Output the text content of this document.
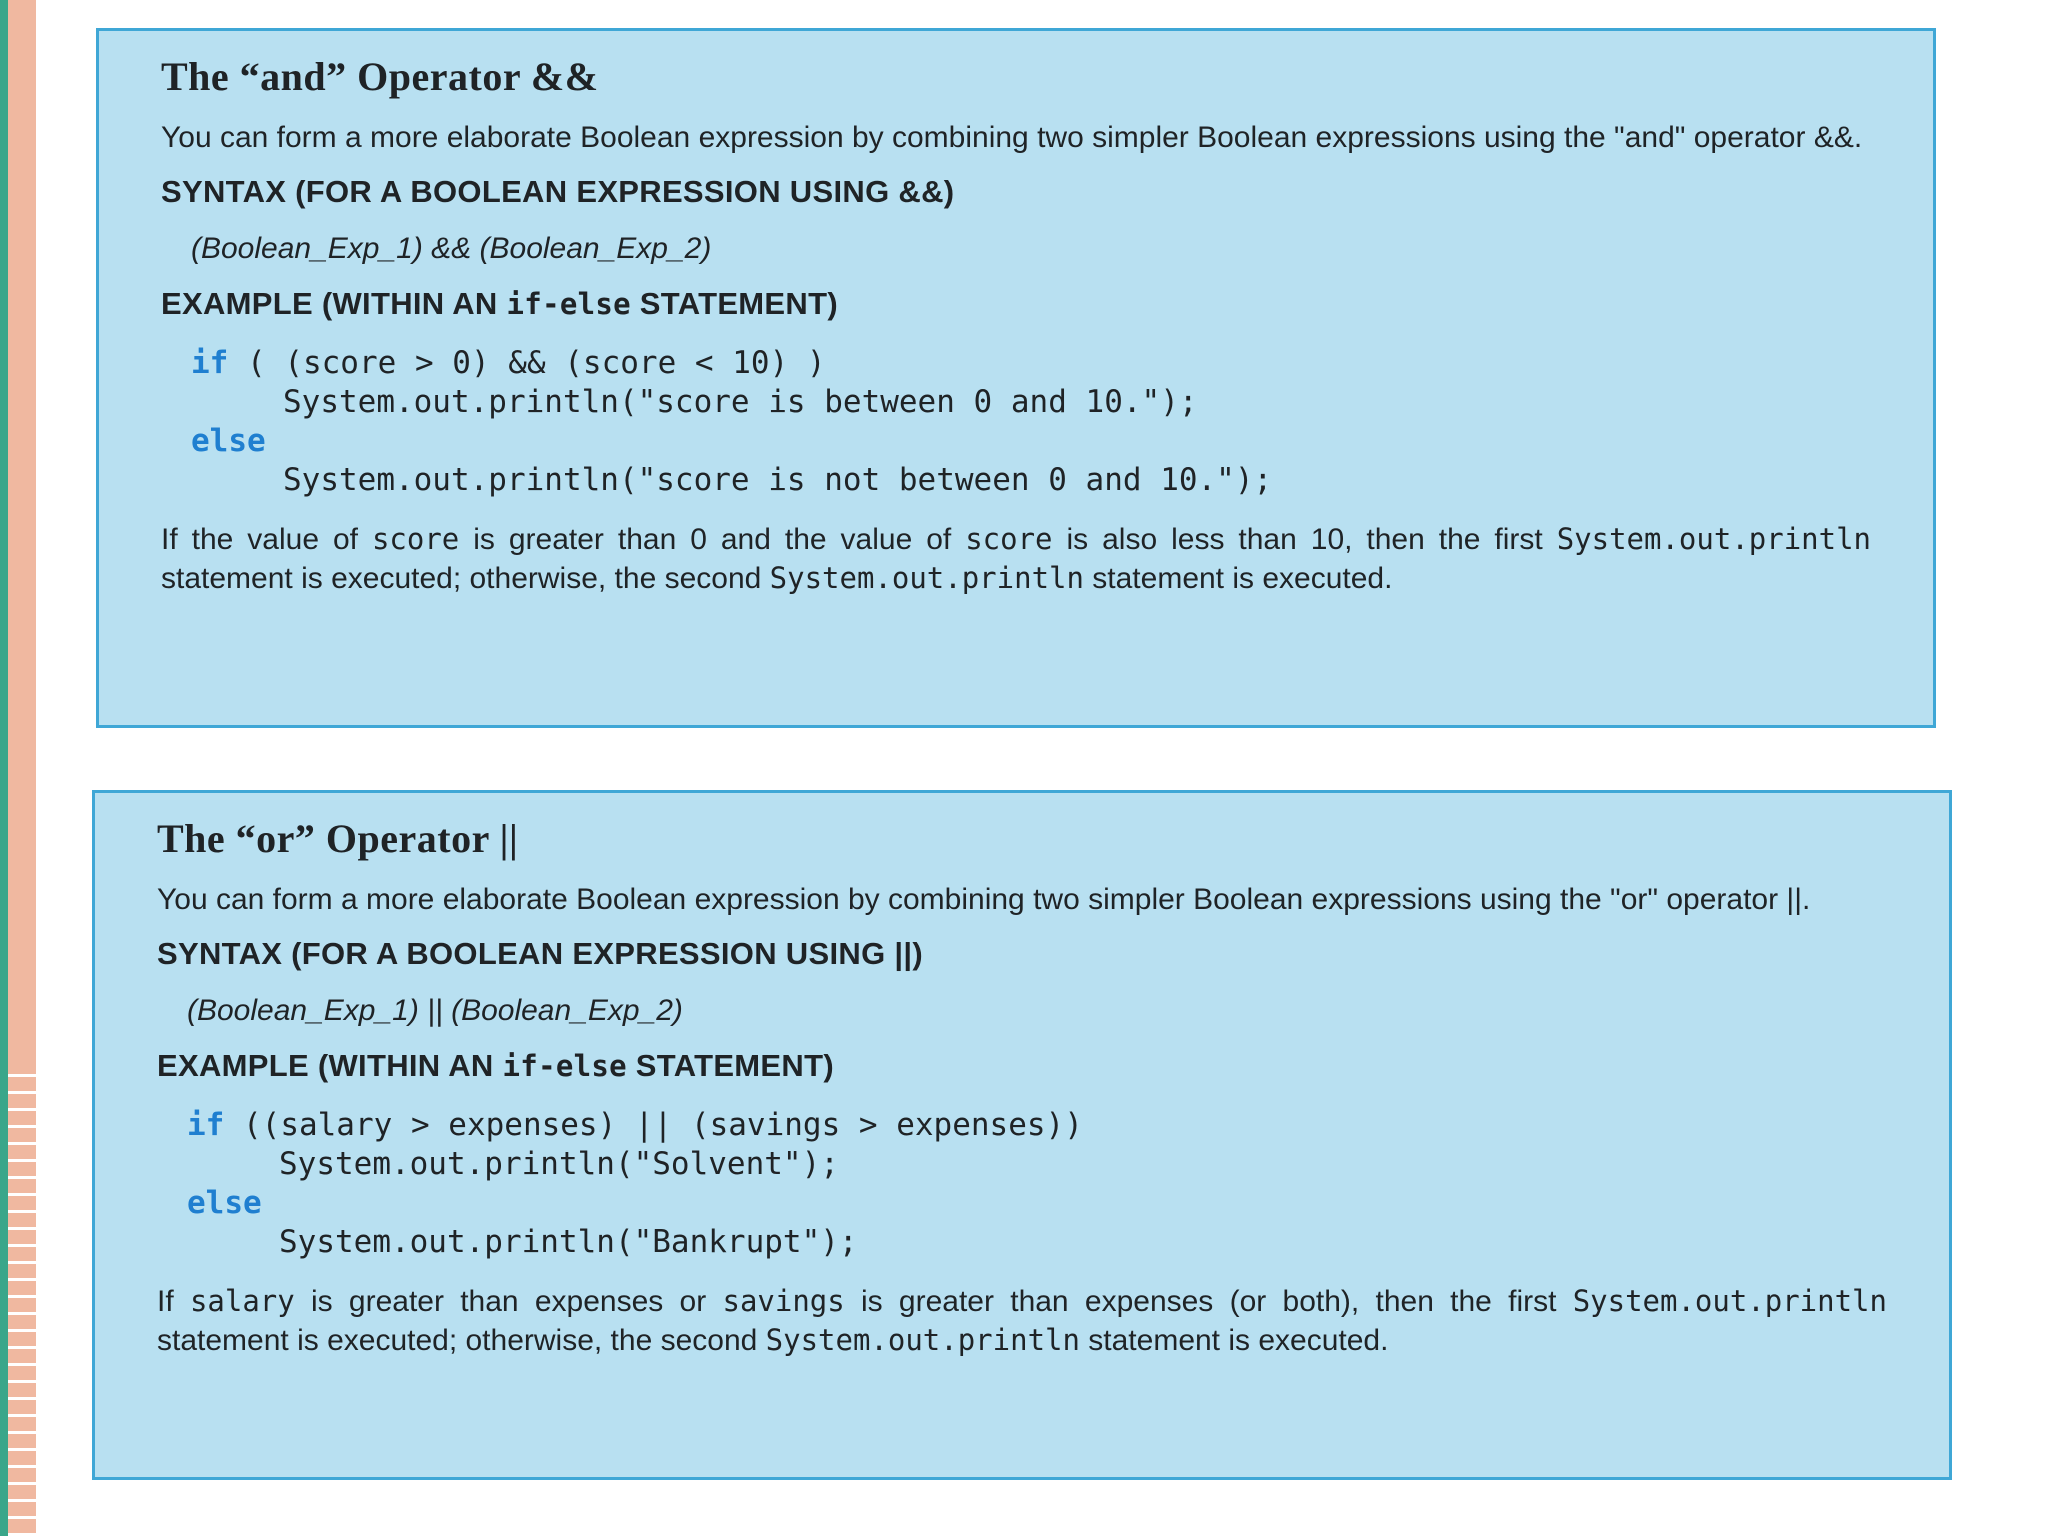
The “and” Operator &&

You can form a more elaborate Boolean expression by combining two simpler Boolean expressions using the "and" operator &&.

SYNTAX (FOR A BOOLEAN EXPRESSION USING &&)
(Boolean_Exp_1) && (Boolean_Exp_2)
EXAMPLE (WITHIN AN if-else STATEMENT)
if ( (score > 0) && (score < 10) )
System.out.println("score is between 0 and 10.");
else
System.out.println("score is not between 0 and 10.");

If the value of score is greater than 0 and the value of score is also less than 10, then the first System.out.println statement is executed; otherwise, the second System.out.println statement is executed.

The “or” Operator ||

You can form a more elaborate Boolean expression by combining two simpler Boolean expressions using the "or" operator ||.

SYNTAX (FOR A BOOLEAN EXPRESSION USING ||)
(Boolean_Exp_1) || (Boolean_Exp_2)
EXAMPLE (WITHIN AN if-else STATEMENT)
if ((salary > expenses) || (savings > expenses))
System.out.println("Solvent");
else
System.out.println("Bankrupt");

If salary is greater than expenses or savings is greater than expenses (or both), then the first System.out.println statement is executed; otherwise, the second System.out.println statement is executed.
